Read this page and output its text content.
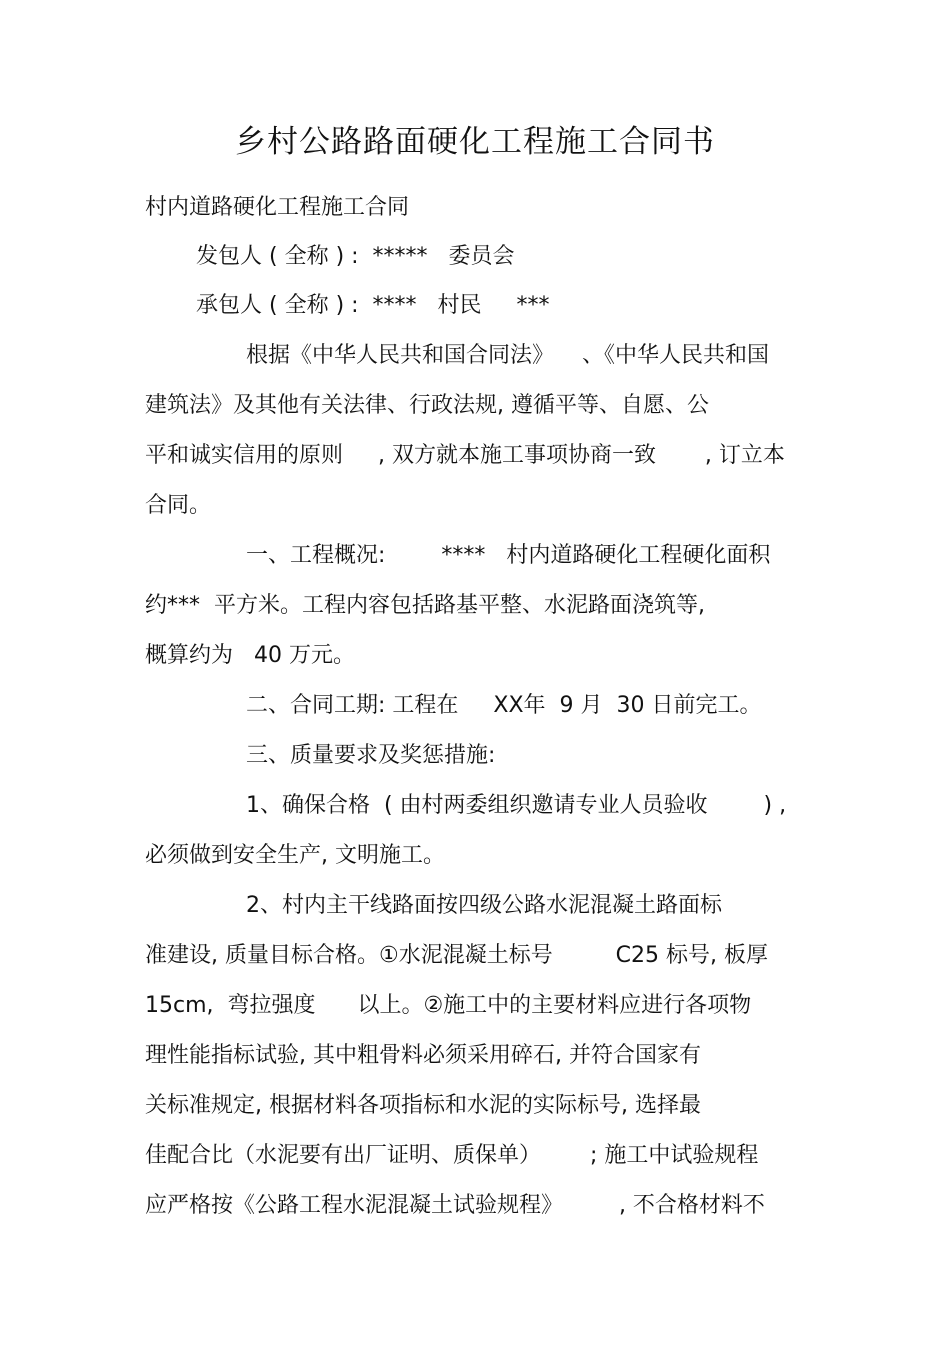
乡村公路路面硬化工程施工合同书
村内道路硬化工程施工合同
发包人 ( 全称 ) :  *****   委员会
承包人 ( 全称 ) :  ****   村民     ***
根据《中华人民共和国合同法》    、《中华人民共和国
建筑法》及其他有关法律、行政法规, 遵循平等、自愿、公
平和诚实信用的原则     , 双方就本施工事项协商一致       , 订立本
合同。
一、工程概况:        ****   村内道路硬化工程硬化面积
约***  平方米。工程内容包括路基平整、水泥路面浇筑等,
概算约为   40 万元。
二、合同工期: 工程在     XX年  9 月  30 日前完工。
三、质量要求及奖惩措施:
1、确保合格  ( 由村两委组织邀请专业人员验收        ) ,
必须做到安全生产, 文明施工。
2、村内主干线路面按四级公路水泥混凝土路面标
准建设, 质量目标合格。①水泥混凝土标号         C25 标号, 板厚
15cm,  弯拉强度      以上。②施工中的主要材料应进行各项物
理性能指标试验, 其中粗骨料必须采用碎石, 并符合国家有
关标准规定, 根据材料各项指标和水泥的实际标号, 选择最
佳配合比（水泥要有出厂证明、质保单）       ; 施工中试验规程
应严格按《公路工程水泥混凝土试验规程》        , 不合格材料不
